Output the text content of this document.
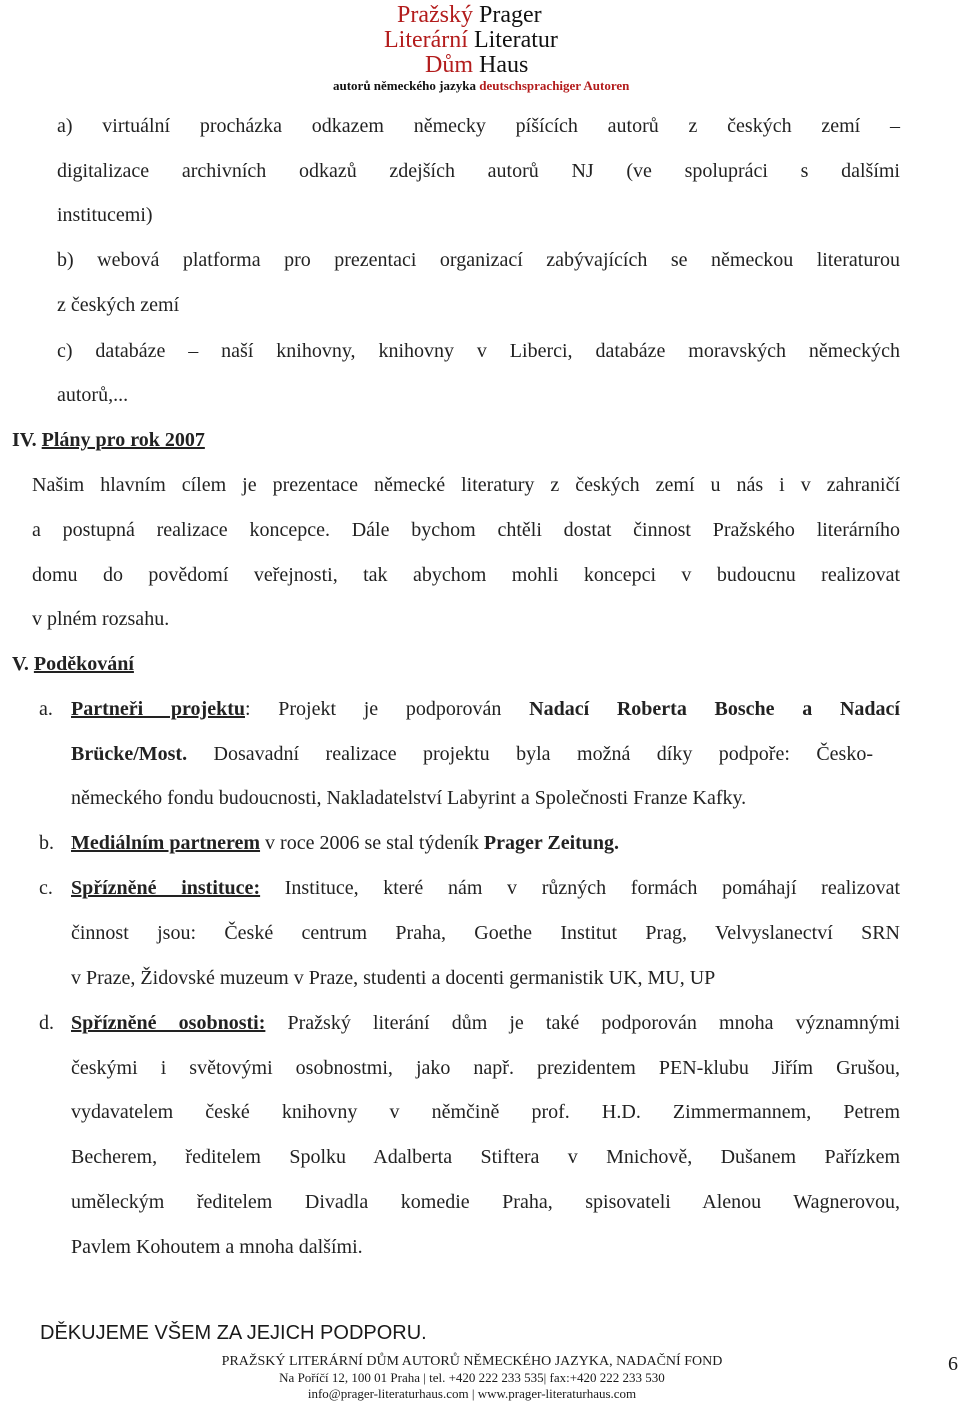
Pražský Prager
Literární Literatur
Dům Haus
autorů německého jazyka deutschsprachiger Autoren
a) virtuální procházka odkazem německy píšících autorů z českých zemí –
digitalizace archivních odkazů zdejších autorů NJ (ve spolupráci s dalšími
institucemi)
b) webová platforma pro prezentaci organizací zabývajících se německou literaturou
z českých zemí
c) databáze – naší knihovny, knihovny v Liberci, databáze moravských německých
autorů,...
IV. Plány pro rok 2007
Našim hlavním cílem je prezentace německé literatury z českých zemí u nás i v zahraničí
a postupná realizace koncepce. Dále bychom chtěli dostat činnost Pražského literárního
domu do povědomí veřejnosti, tak abychom mohli koncepci v budoucnu realizovat
v plném rozsahu.
V. Poděkování
a. Partneři projektu: Projekt je podporován Nadací Roberta Bosche a Nadací
Brücke/Most. Dosavadní realizace projektu byla možná díky podpoře: Česko-
německého fondu budoucnosti, Nakladatelství Labyrint a Společnosti Franze Kafky.
b. Mediálním partnerem v roce 2006 se stal týdeník Prager Zeitung.
c. Spřízněné instituce: Instituce, které nám v různých formách pomáhají realizovat
činnost jsou: České centrum Praha, Goethe Institut Prag, Velvyslanectví SRN
v Praze, Židovské muzeum v Praze, studenti a docenti germanistik UK, MU, UP
d. Spřízněné osobnosti: Pražský literání dům je také podporován mnoha významnými
českými i světovými osobnostmi, jako např. prezidentem PEN-klubu Jiřím Grušou,
vydavatelem české knihovny v němčině prof. H.D. Zimmermannem, Petrem
Becherem, ředitelem Spolku Adalberta Stiftera v Mnichově, Dušanem Pařízkem
uměleckým ředitelem Divadla komedie Praha, spisovateli Alenou Wagnerovou,
Pavlem Kohoutem a mnoha dalšími.
DĚKUJEME VŠEM ZA JEJICH PODPORU.
PRAŽSKÝ LITERÁRNÍ DŮM AUTORŮ NĚMECKÉHO JAZYKA, NADAČNÍ FOND
Na Poříčí 12, 100 01 Praha | tel. +420 222 233 535| fax:+420 222 233 530
info@prager-literaturhaus.com | www.prager-literaturhaus.com
6
